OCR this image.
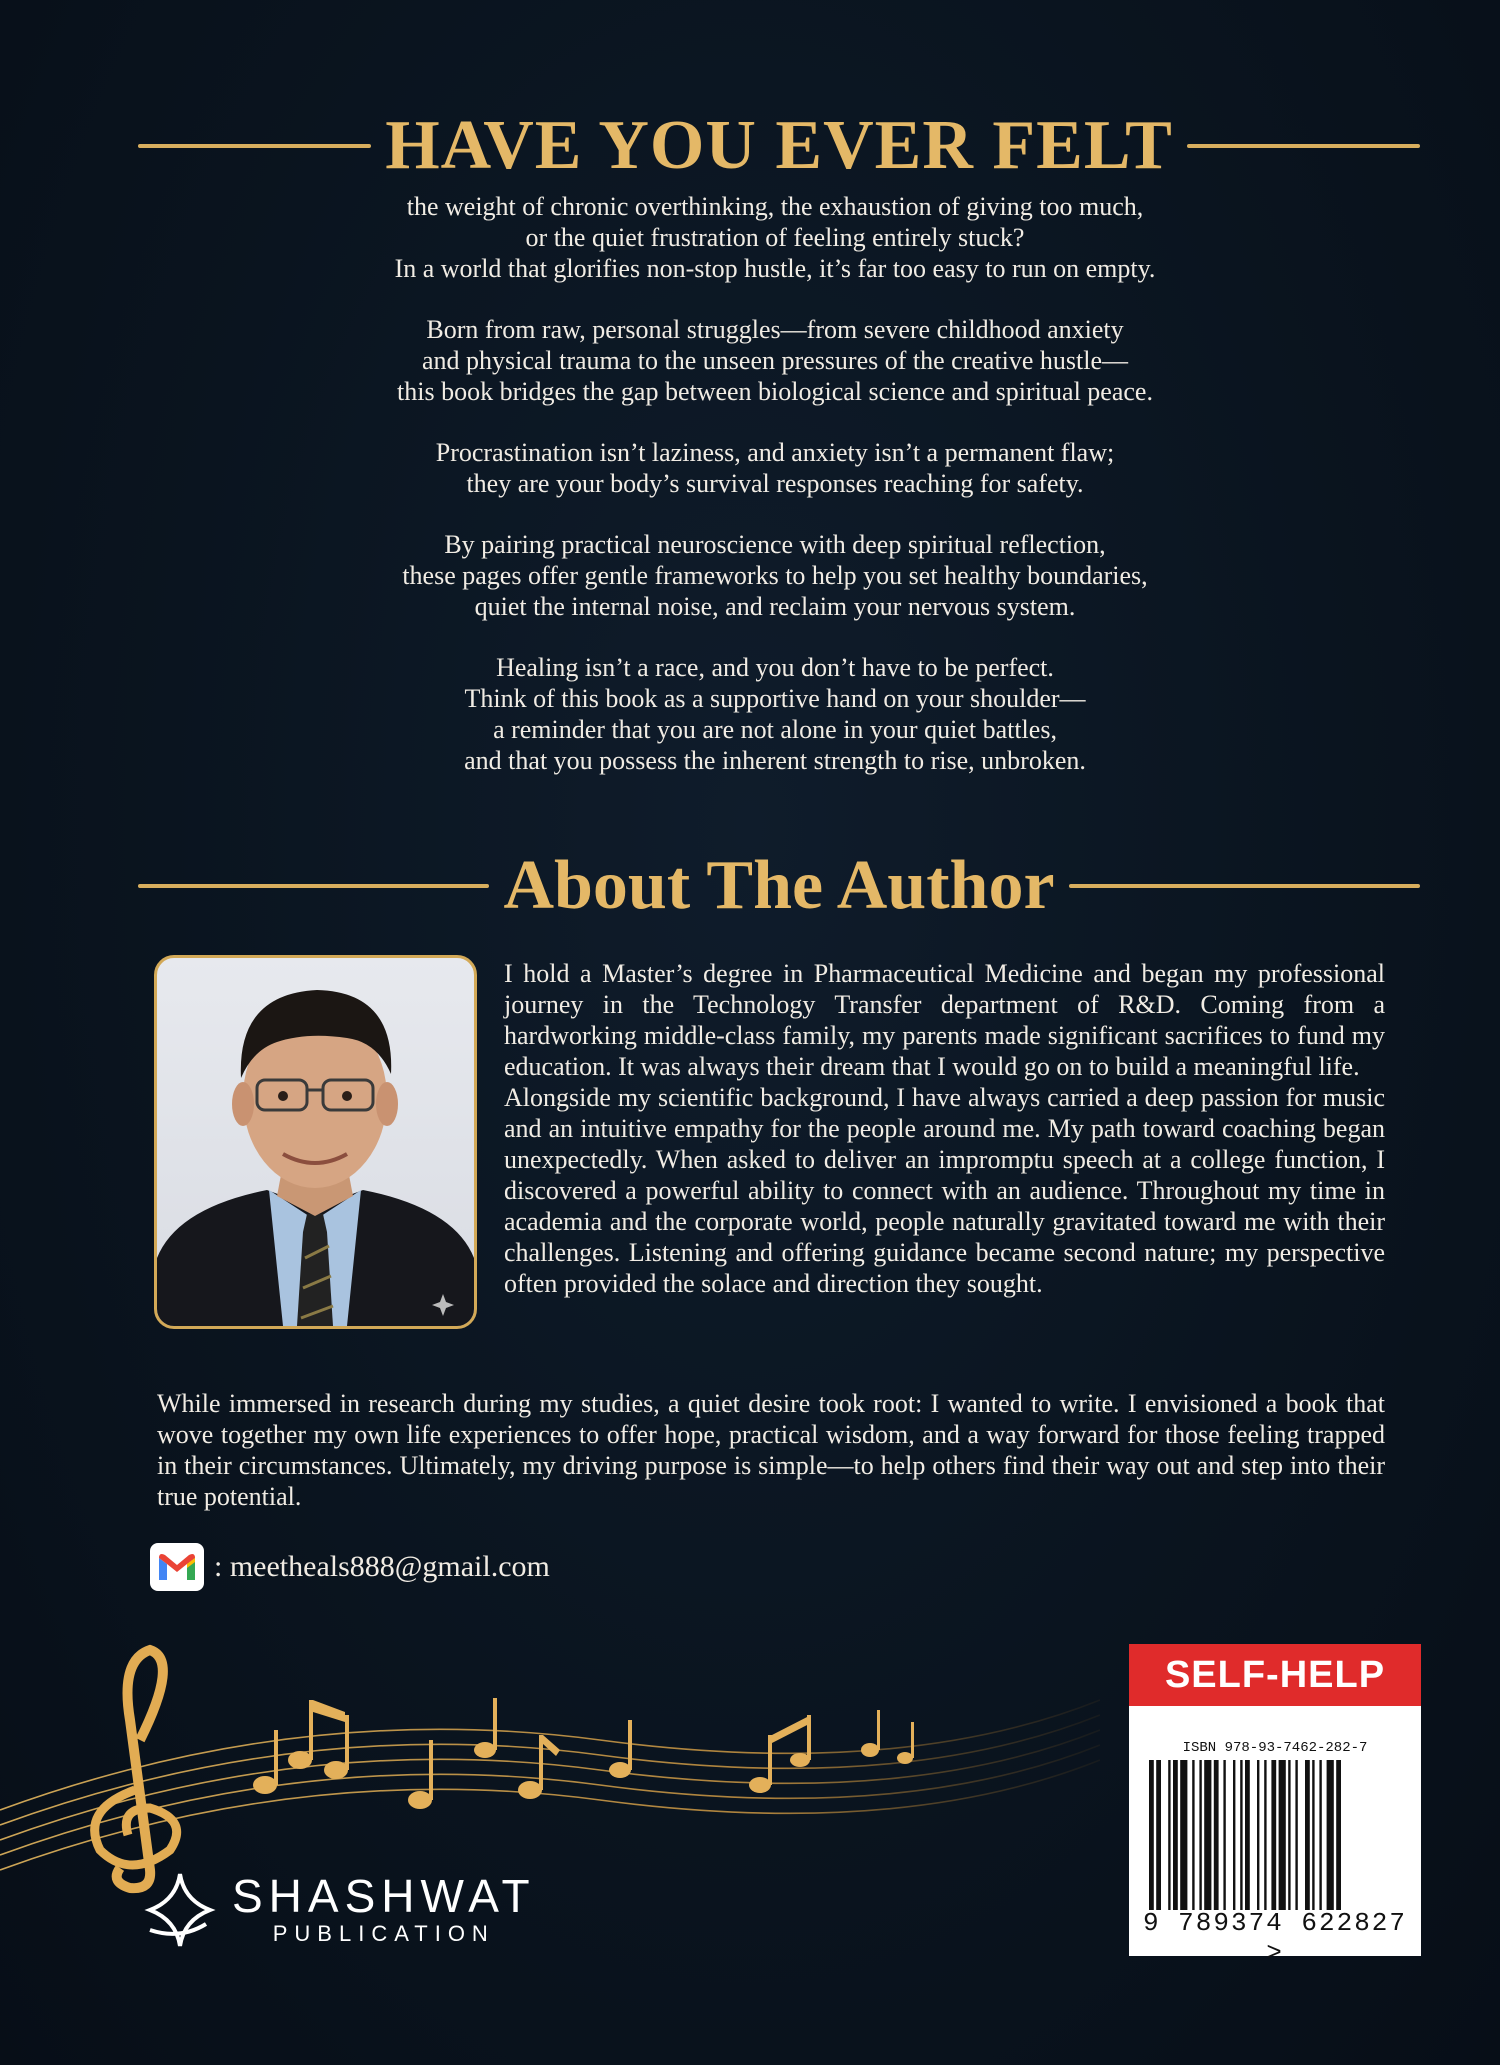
HAVE YOU EVER FELT

the weight of chronic overthinking, the exhaustion of giving too much,
or the quiet frustration of feeling entirely stuck?
In a world that glorifies non-stop hustle, it’s far too easy to run on empty.

Born from raw, personal struggles—from severe childhood anxiety
and physical trauma to the unseen pressures of the creative hustle—
this book bridges the gap between biological science and spiritual peace.

Procrastination isn’t laziness, and anxiety isn’t a permanent flaw;
they are your body’s survival responses reaching for safety.

By pairing practical neuroscience with deep spiritual reflection,
these pages offer gentle frameworks to help you set healthy boundaries,
quiet the internal noise, and reclaim your nervous system.

Healing isn’t a race, and you don’t have to be perfect.
Think of this book as a supportive hand on your shoulder—
a reminder that you are not alone in your quiet battles,
and that you possess the inherent strength to rise, unbroken.

About The Author

I hold a Master’s degree in Pharmaceutical Medicine and began my professional journey in the Technology Transfer department of R&D. Coming from a hardworking middle-class family, my parents made significant sacrifices to fund my education. It was always their dream that I would go on to build a meaningful life.

Alongside my scientific background, I have always carried a deep passion for music and an intuitive empathy for the people around me. My path toward coaching began unexpectedly. When asked to deliver an impromptu speech at a college function, I discovered a powerful ability to connect with an audience. Throughout my time in academia and the corporate world, people naturally gravitated toward me with their challenges. Listening and offering guidance became second nature; my perspective often provided the solace and direction they sought.

While immersed in research during my studies, a quiet desire took root: I wanted to write. I envisioned a book that wove together my own life experiences to offer hope, practical wisdom, and a way forward for those feeling trapped in their circumstances. Ultimately, my driving purpose is simple—to help others find their way out and step into their true potential.

: meetheals888@gmail.com
SHASHWAT
PUBLICATION
SELF-HELP
ISBN 978-93-7462-282-7
9 789374 622827 >
